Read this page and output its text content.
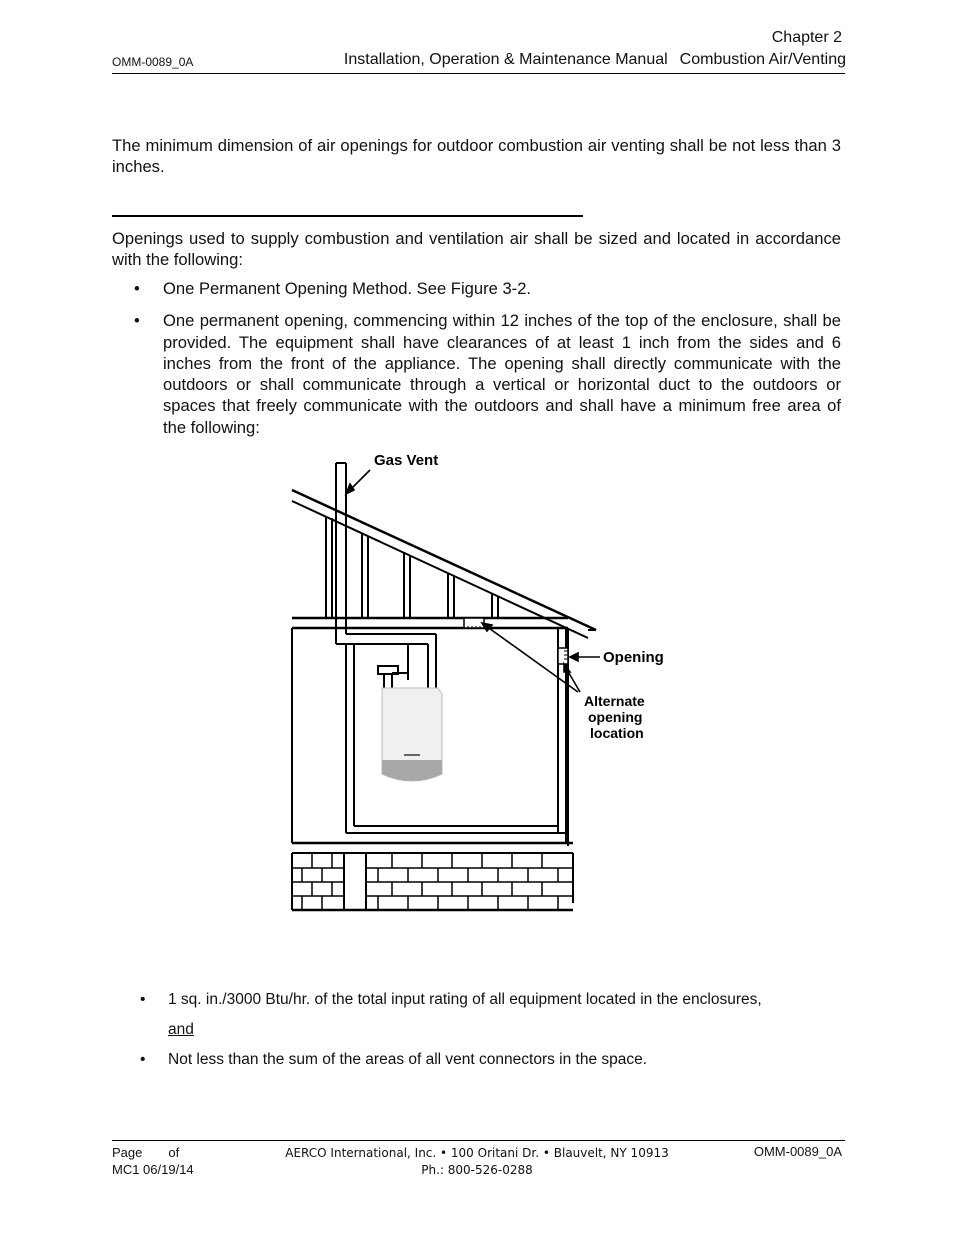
OMM-0089_0A
Chapter 2
Installation, Operation & Maintenance Manual Combustion Air/Venting
The minimum dimension of air openings for outdoor combustion air venting shall be not less than 3 inches.
Openings used to supply combustion and ventilation air shall be sized and located in accordance with the following:
• One Permanent Opening Method. See Figure 3-2.
• One permanent opening, commencing within 12 inches of the top of the enclosure, shall be provided. The equipment shall have clearances of at least 1 inch from the sides and 6 inches from the front of the appliance. The opening shall directly communicate with the outdoors or shall communicate through a vertical or horizontal duct to the outdoors or spaces that freely communicate with the outdoors and shall have a minimum free area of the following:
Gas Vent
Opening
Alternate
opening
location
• 1 sq. in./3000 Btu/hr. of the total input rating of all equipment located in the enclosures,
and
• Not less than the sum of the areas of all vent connectors in the space.
Page of
MC1 06/19/14
AERCO International, Inc. • 100 Oritani Dr. • Blauvelt, NY 10913
Ph.: 800-526-0288
OMM-0089_0A
